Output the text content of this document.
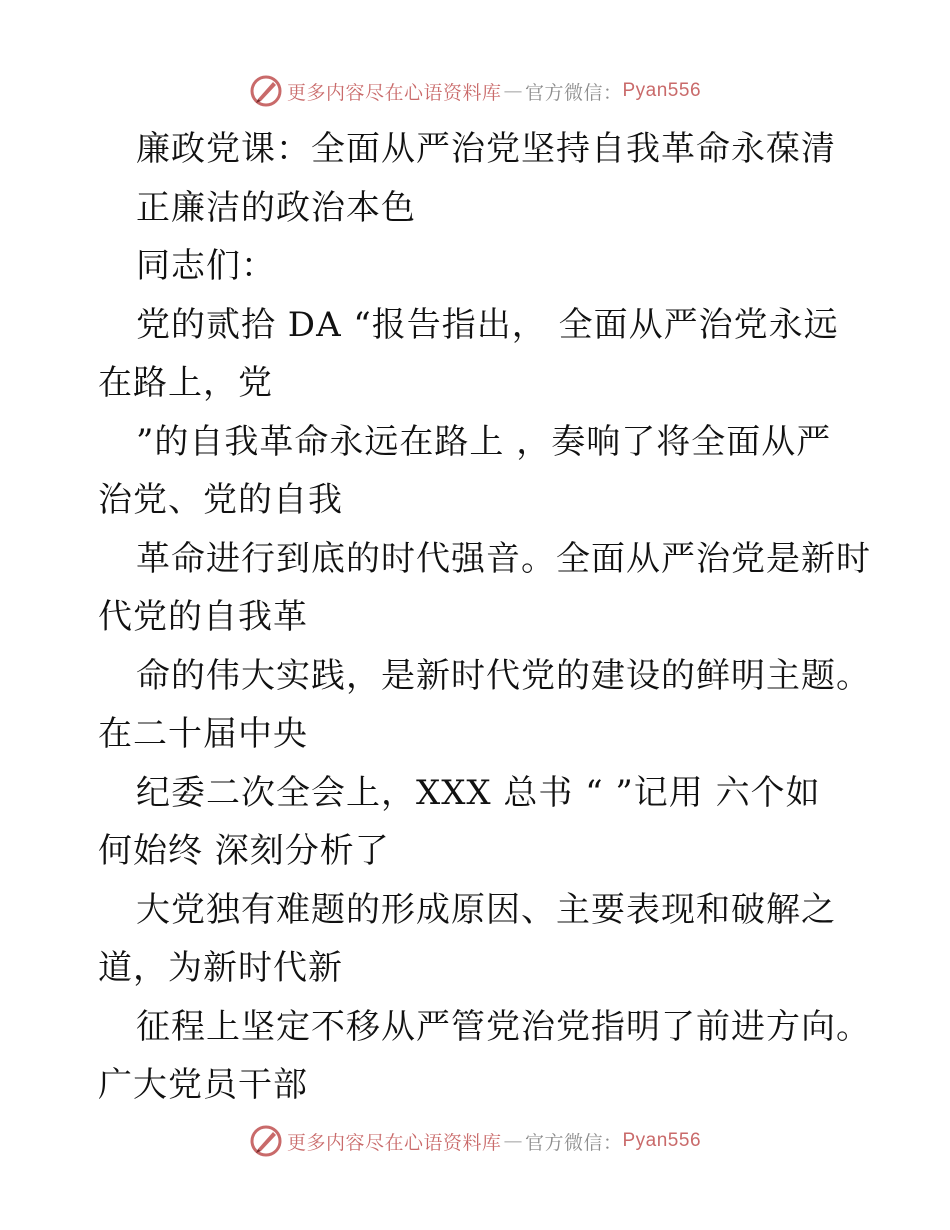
更多内容尽在心语资料库 — 官方微信： Pyan556
廉政党课：全面从严治党坚持自我革命永葆清
正廉洁的政治本色
同志们：
党的贰拾 DA “报告指出， 全面从严治党永远
在路上，党
”的自我革命永远在路上 ，奏响了将全面从严
治党、党的自我
革命进行到底的时代强音。全面从严治党是新时
代党的自我革
命的伟大实践，是新时代党的建设的鲜明主题。
在二十届中央
纪委二次全会上，XXX 总书 “ ”记用 六个如
何始终 深刻分析了
大党独有难题的形成原因、主要表现和破解之
道，为新时代新
征程上坚定不移从严管党治党指明了前进方向。
广大党员干部
更多内容尽在心语资料库 — 官方微信： Pyan556
